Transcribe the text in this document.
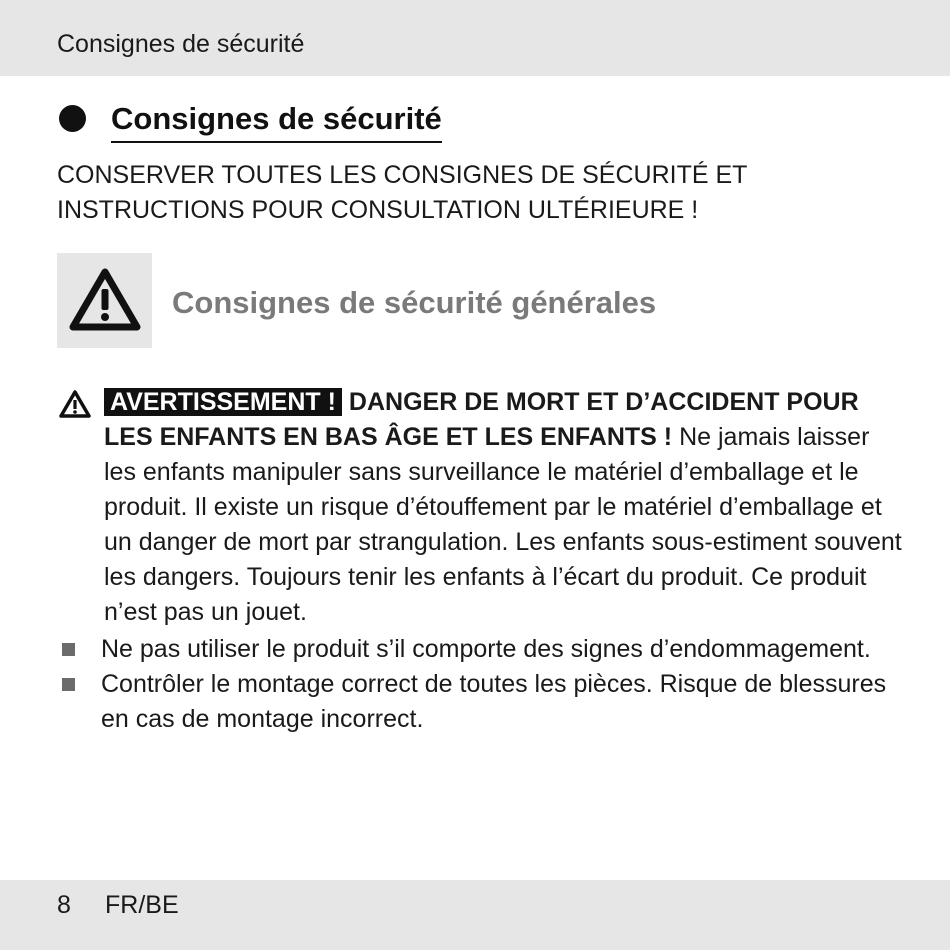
Consignes de sécurité
Consignes de sécurité

CONSERVER TOUTES LES CONSIGNES DE SÉCURITÉ ET INSTRUCTIONS POUR CONSULTATION ULTÉRIEURE !

Consignes de sécurité générales

AVERTISSEMENT ! DANGER DE MORT ET D’ACCIDENT POUR LES ENFANTS EN BAS ÂGE ET LES ENFANTS ! Ne jamais laisser les enfants manipuler sans surveillance le matériel d’emballage et le produit. Il existe un risque d’étouffement par le matériel d’emballage et un danger de mort par strangulation. Les enfants sous-estiment souvent les dangers. Toujours tenir les enfants à l’écart du produit. Ce produit n’est pas un jouet.

Ne pas utiliser le produit s’il comporte des signes d’endommagement.
Contrôler le montage correct de toutes les pièces. Risque de blessures en cas de montage incorrect.
8 FR/BE
